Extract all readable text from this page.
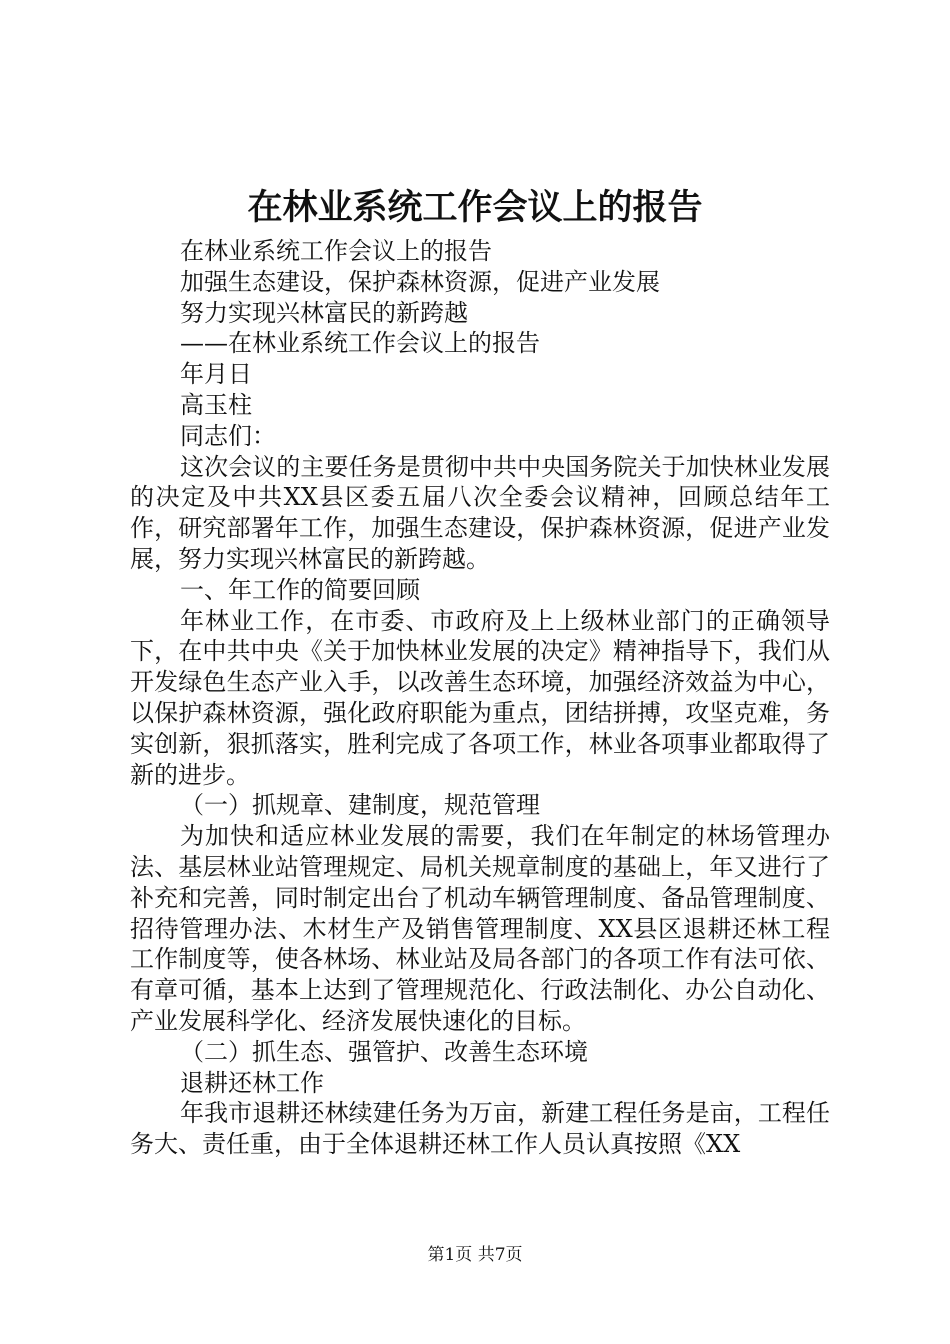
在林业系统工作会议上的报告

在林业系统工作会议上的报告

加强生态建设，保护森林资源，促进产业发展

努力实现兴林富民的新跨越

——在林业系统工作会议上的报告

年月日

高玉柱

同志们：

这次会议的主要任务是贯彻中共中央国务院关于加快林业发展的决定及中共XX县区委五届八次全委会议精神，回顾总结年工作，研究部署年工作，加强生态建设，保护森林资源，促进产业发展，努力实现兴林富民的新跨越。

一、年工作的简要回顾

年林业工作，在市委、市政府及上上级林业部门的正确领导下，在中共中央《关于加快林业发展的决定》精神指导下，我们从开发绿色生态产业入手，以改善生态环境，加强经济效益为中心，以保护森林资源，强化政府职能为重点，团结拼搏，攻坚克难，务实创新，狠抓落实，胜利完成了各项工作，林业各项事业都取得了新的进步。

（一）抓规章、建制度，规范管理

为加快和适应林业发展的需要，我们在年制定的林场管理办法、基层林业站管理规定、局机关规章制度的基础上，年又进行了补充和完善，同时制定出台了机动车辆管理制度、备品管理制度、招待管理办法、木材生产及销售管理制度、XX县区退耕还林工程工作制度等，使各林场、林业站及局各部门的各项工作有法可依、有章可循，基本上达到了管理规范化、行政法制化、办公自动化、产业发展科学化、经济发展快速化的目标。

（二）抓生态、强管护、改善生态环境

退耕还林工作

年我市退耕还林续建任务为万亩，新建工程任务是亩，工程任务大、责任重，由于全体退耕还林工作人员认真按照《XX

第1页 共7页
